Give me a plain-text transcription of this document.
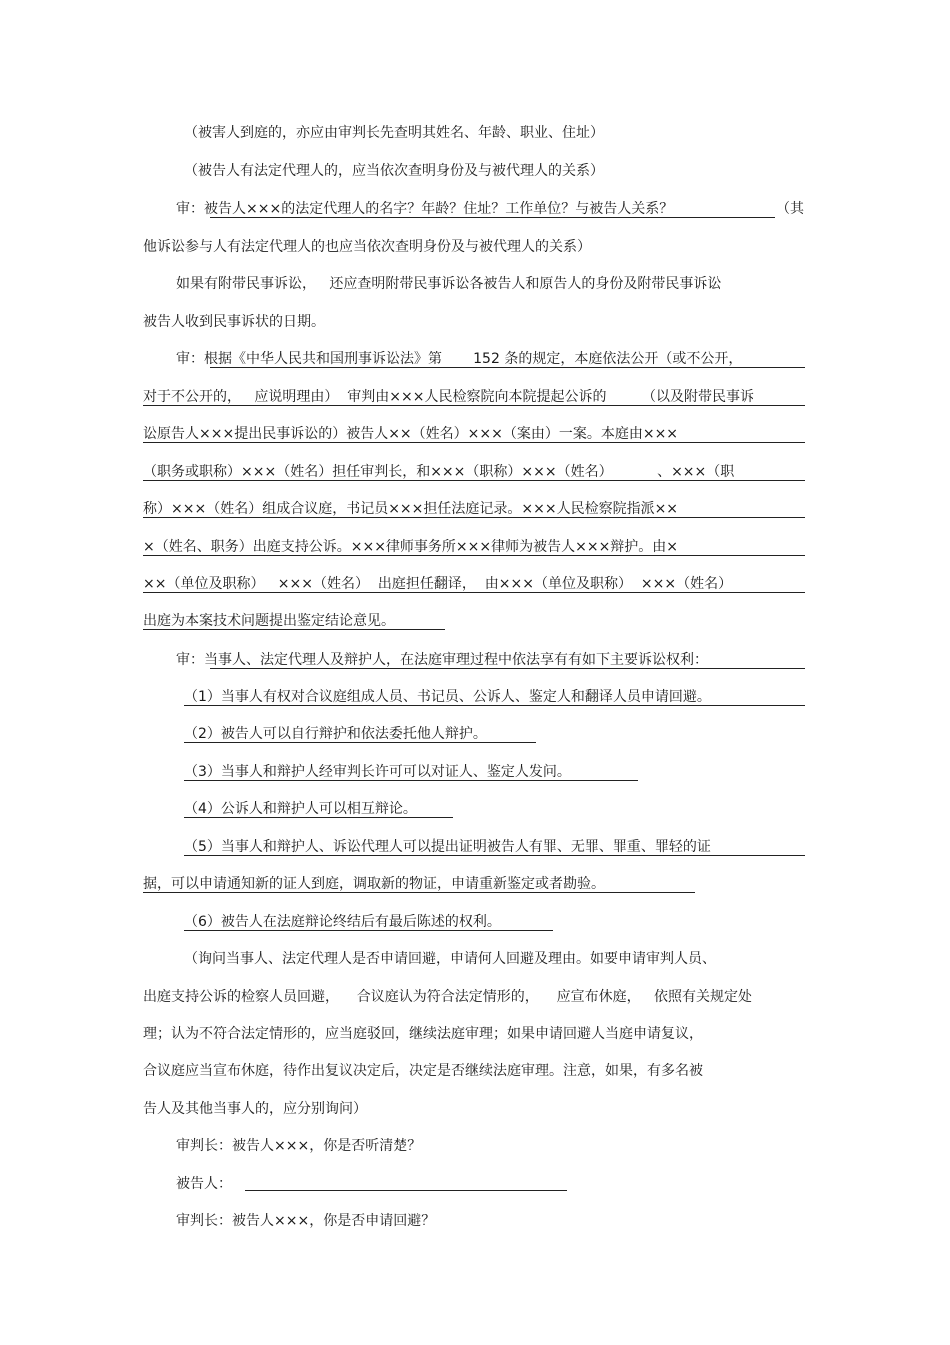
（被害人到庭的，亦应由审判长先查明其姓名、年龄、职业、住址）
（被告人有法定代理人的，应当依次查明身份及与被代理人的关系）
审：被告人×××的法定代理人的名字？年龄？住址？工作单位？与被告人关系？	（其
他诉讼参与人有法定代理人的也应当依次查明身份及与被代理人的关系）
如果有附带民事诉讼，   还应查明附带民事诉讼各被告人和原告人的身份及附带民事诉讼
被告人收到民事诉状的日期。
审：根据《中华人民共和国刑事诉讼法》第       152 条的规定，本庭依法公开（或不公开，
对于不公开的，   应说明理由）  审判由×××人民检察院向本院提起公诉的        （以及附带民事诉
讼原告人×××提出民事诉讼的）被告人××（姓名）×××（案由）一案。本庭由×××
（职务或职称）×××（姓名）担任审判长，和×××（职称）×××（姓名）          、×××（职
称）×××（姓名）组成合议庭，书记员×××担任法庭记录。×××人民检察院指派××
×（姓名、职务）出庭支持公诉。×××律师事务所×××律师为被告人×××辩护。由×
××（单位及职称）   ×××（姓名）  出庭担任翻译，  由×××（单位及职称）  ×××（姓名）
出庭为本案技术问题提出鉴定结论意见。
审：当事人、法定代理人及辩护人，在法庭审理过程中依法享有有如下主要诉讼权利：
（1）当事人有权对合议庭组成人员、书记员、公诉人、鉴定人和翻译人员申请回避。
（2）被告人可以自行辩护和依法委托他人辩护。
（3）当事人和辩护人经审判长许可可以对证人、鉴定人发问。
（4）公诉人和辩护人可以相互辩论。
（5）当事人和辩护人、诉讼代理人可以提出证明被告人有罪、无罪、罪重、罪轻的证
据，可以申请通知新的证人到庭，调取新的物证，申请重新鉴定或者勘验。
（6）被告人在法庭辩论终结后有最后陈述的权利。
（询问当事人、法定代理人是否申请回避，申请何人回避及理由。如要申请审判人员、
出庭支持公诉的检察人员回避，    合议庭认为符合法定情形的，    应宣布休庭，   依照有关规定处
理；认为不符合法定情形的，应当庭驳回，继续法庭审理；如果申请回避人当庭申请复议，
合议庭应当宣布休庭，待作出复议决定后，决定是否继续法庭审理。注意，如果，有多名被
告人及其他当事人的，应分别询问）
审判长：被告人×××，你是否听清楚？
被告人：
审判长：被告人×××，你是否申请回避？
